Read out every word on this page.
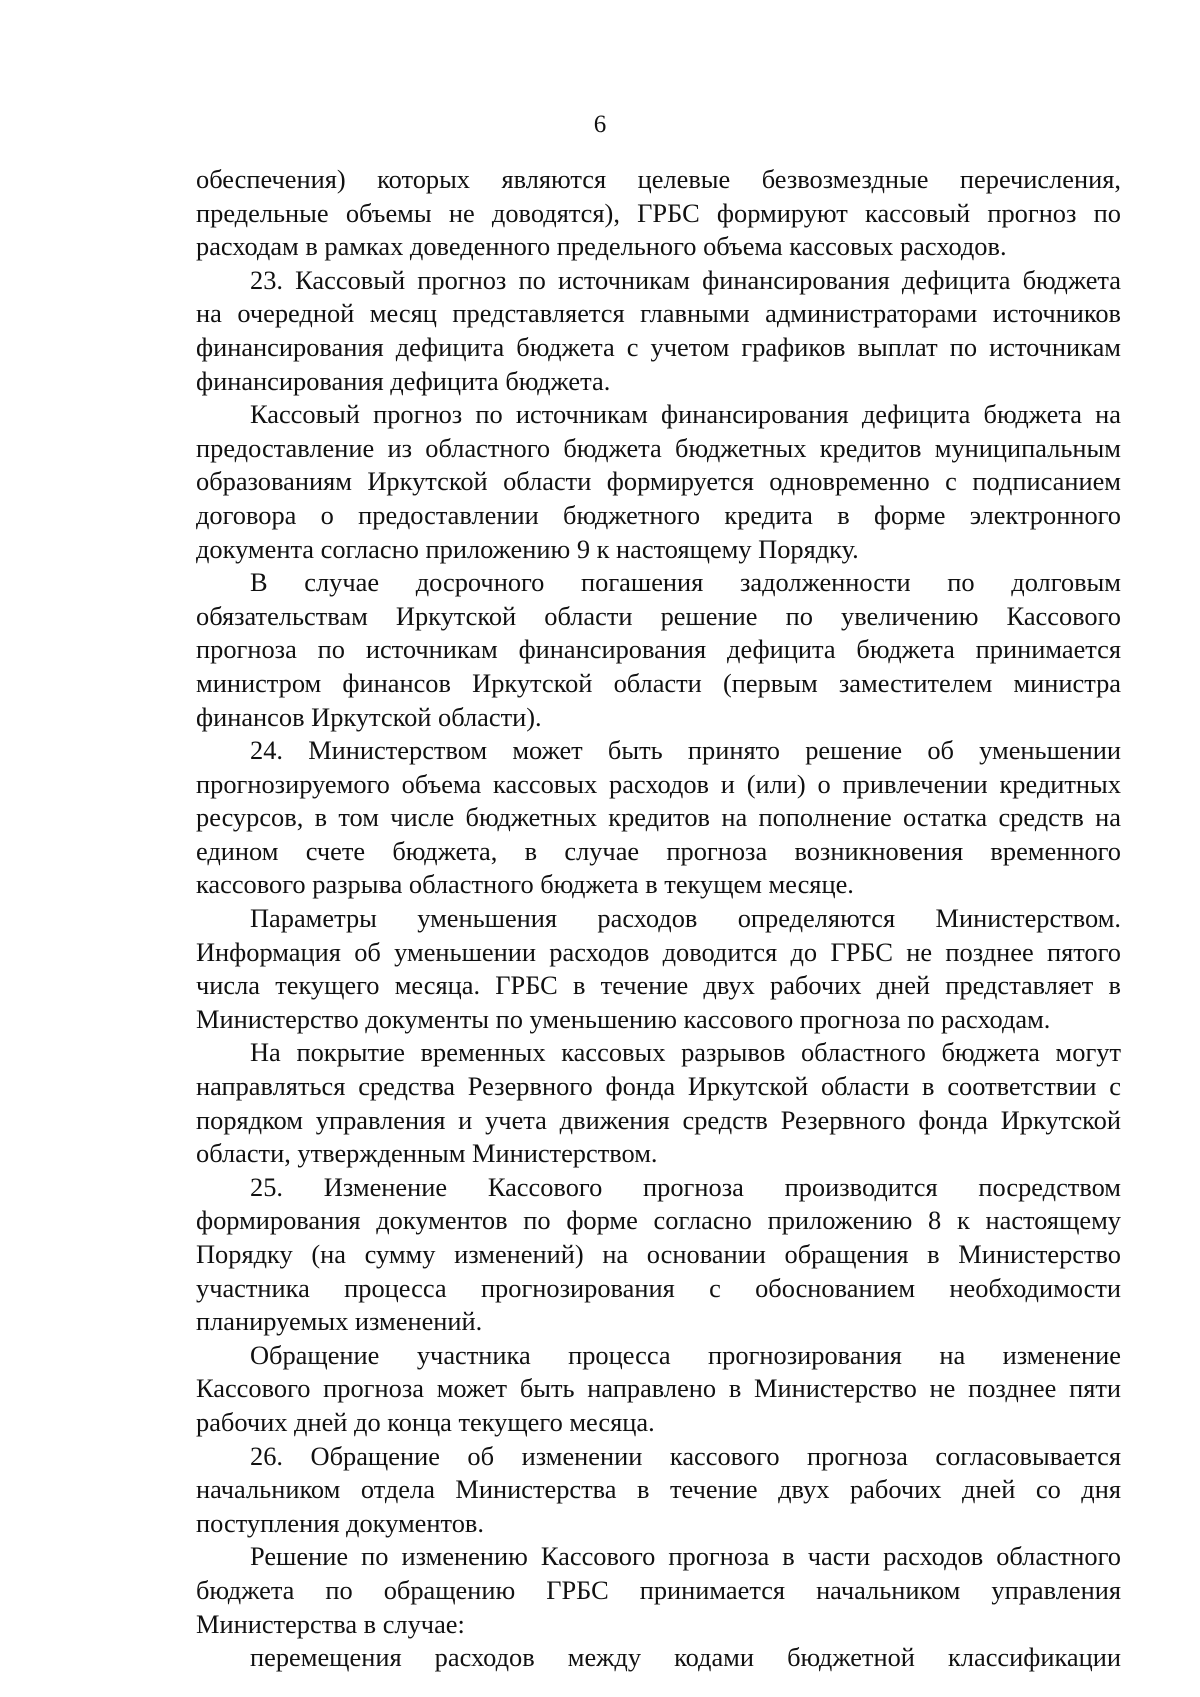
6
обеспечения) которых являются целевые безвозмездные перечисления,
предельные объемы не доводятся), ГРБС формируют кассовый прогноз по
расходам в рамках доведенного предельного объема кассовых расходов.
23. Кассовый прогноз по источникам финансирования дефицита бюджета
на очередной месяц представляется главными администраторами источников
финансирования дефицита бюджета с учетом графиков выплат по источникам
финансирования дефицита бюджета.
Кассовый прогноз по источникам финансирования дефицита бюджета на
предоставление из областного бюджета бюджетных кредитов муниципальным
образованиям Иркутской области формируется одновременно с подписанием
договора о предоставлении бюджетного кредита в форме электронного
документа согласно приложению 9 к настоящему Порядку.
В случае досрочного погашения задолженности по долговым
обязательствам Иркутской области решение по увеличению Кассового
прогноза по источникам финансирования дефицита бюджета принимается
министром финансов Иркутской области (первым заместителем министра
финансов Иркутской области).
24. Министерством может быть принято решение об уменьшении
прогнозируемого объема кассовых расходов и (или) о привлечении кредитных
ресурсов, в том числе бюджетных кредитов на пополнение остатка средств на
едином счете бюджета, в случае прогноза возникновения временного
кассового разрыва областного бюджета в текущем месяце.
Параметры уменьшения расходов определяются Министерством.
Информация об уменьшении расходов доводится до ГРБС не позднее пятого
числа текущего месяца. ГРБС в течение двух рабочих дней представляет в
Министерство документы по уменьшению кассового прогноза по расходам.
На покрытие временных кассовых разрывов областного бюджета могут
направляться средства Резервного фонда Иркутской области в соответствии с
порядком управления и учета движения средств Резервного фонда Иркутской
области, утвержденным Министерством.
25. Изменение Кассового прогноза производится посредством
формирования документов по форме согласно приложению 8 к настоящему
Порядку (на сумму изменений) на основании обращения в Министерство
участника процесса прогнозирования с обоснованием необходимости
планируемых изменений.
Обращение участника процесса прогнозирования на изменение
Кассового прогноза может быть направлено в Министерство не позднее пяти
рабочих дней до конца текущего месяца.
26. Обращение об изменении кассового прогноза согласовывается
начальником отдела Министерства в течение двух рабочих дней со дня
поступления документов.
Решение по изменению Кассового прогноза в части расходов областного
бюджета по обращению ГРБС принимается начальником управления
Министерства в случае:
перемещения расходов между кодами бюджетной классификации
